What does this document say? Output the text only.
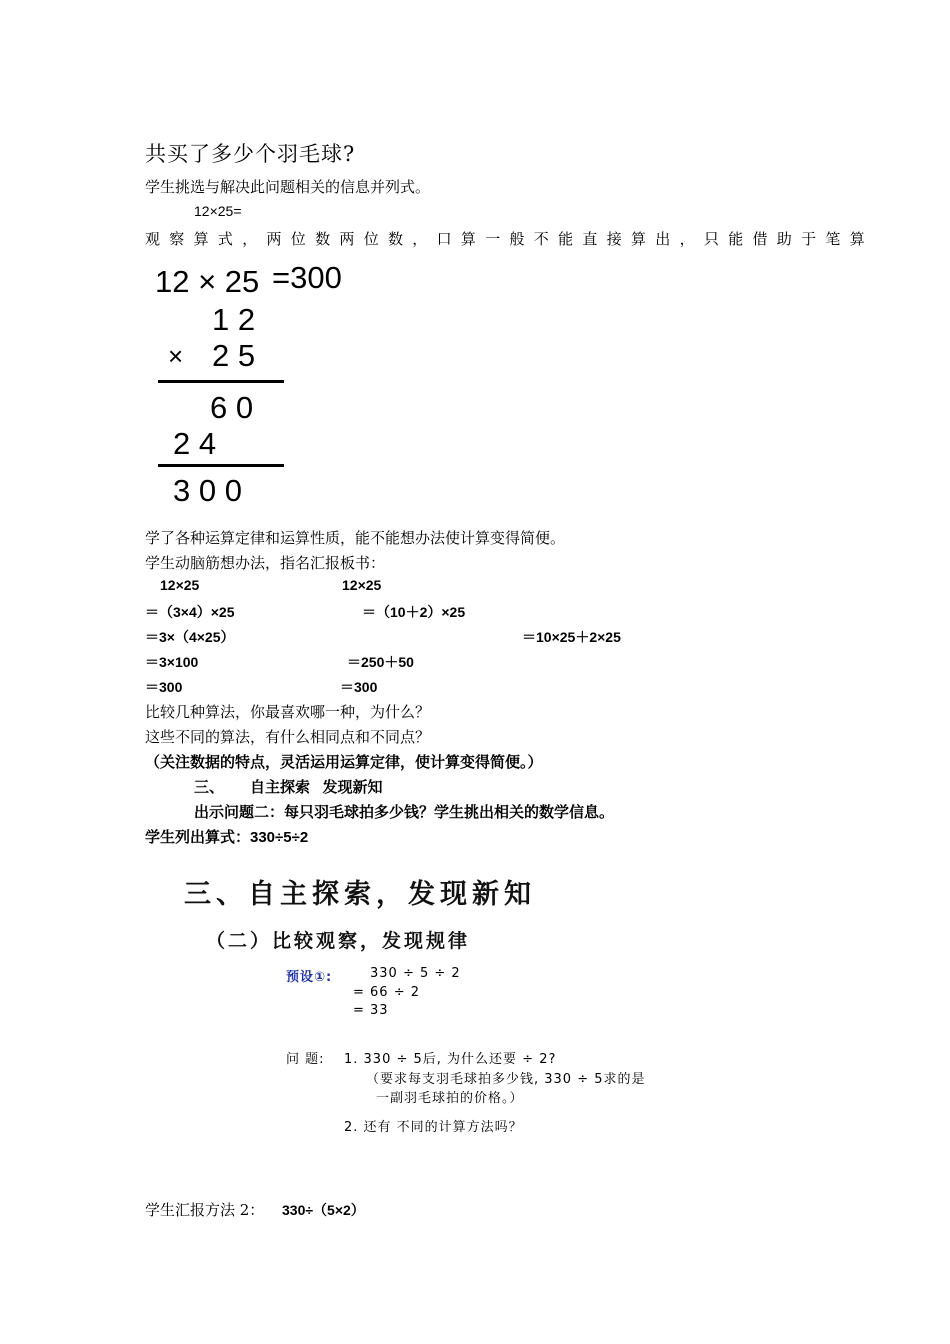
共买了多少个羽毛球?
学生挑选与解决此问题相关的信息并列式。
12×25=
观察算式，两位数两位数，口算一般不能直接算出，只能借助于笔算
12 × 25 =300
1 2
× 2 5
6 0
2 4
3 0 0
学了各种运算定律和运算性质，能不能想办法使计算变得简便。
学生动脑筋想办法，指名汇报板书：
12×25
＝（3×4）×25
＝3×（4×25）
＝3×100
＝300
12×25
＝（10＋2）×25
＝10×25＋2×25
＝250＋50
＝300
比较几种算法，你最喜欢哪一种，为什么？
这些不同的算法，有什么相同点和不同点？
（关注数据的特点，灵活运用运算定律，使计算变得简便。）
三、 自主探索   发现新知
出示问题二：每只羽毛球拍多少钱？学生挑出相关的数学信息。
学生列出算式：330÷5÷2
三、自主探索，发现新知
（二）比较观察，发现规律
预设①:	330 ÷ 5 ÷ 2
= 66 ÷ 2
= 33
问 题: 1. 330 ÷ 5后, 为什么还要 ÷ 2?
（要求每支羽毛球拍多少钱, 330 ÷ 5求的是
一副羽毛球拍的价格。）
2. 还有 不同的计算方法吗？
学生汇报方法 2： 330÷（5×2）
